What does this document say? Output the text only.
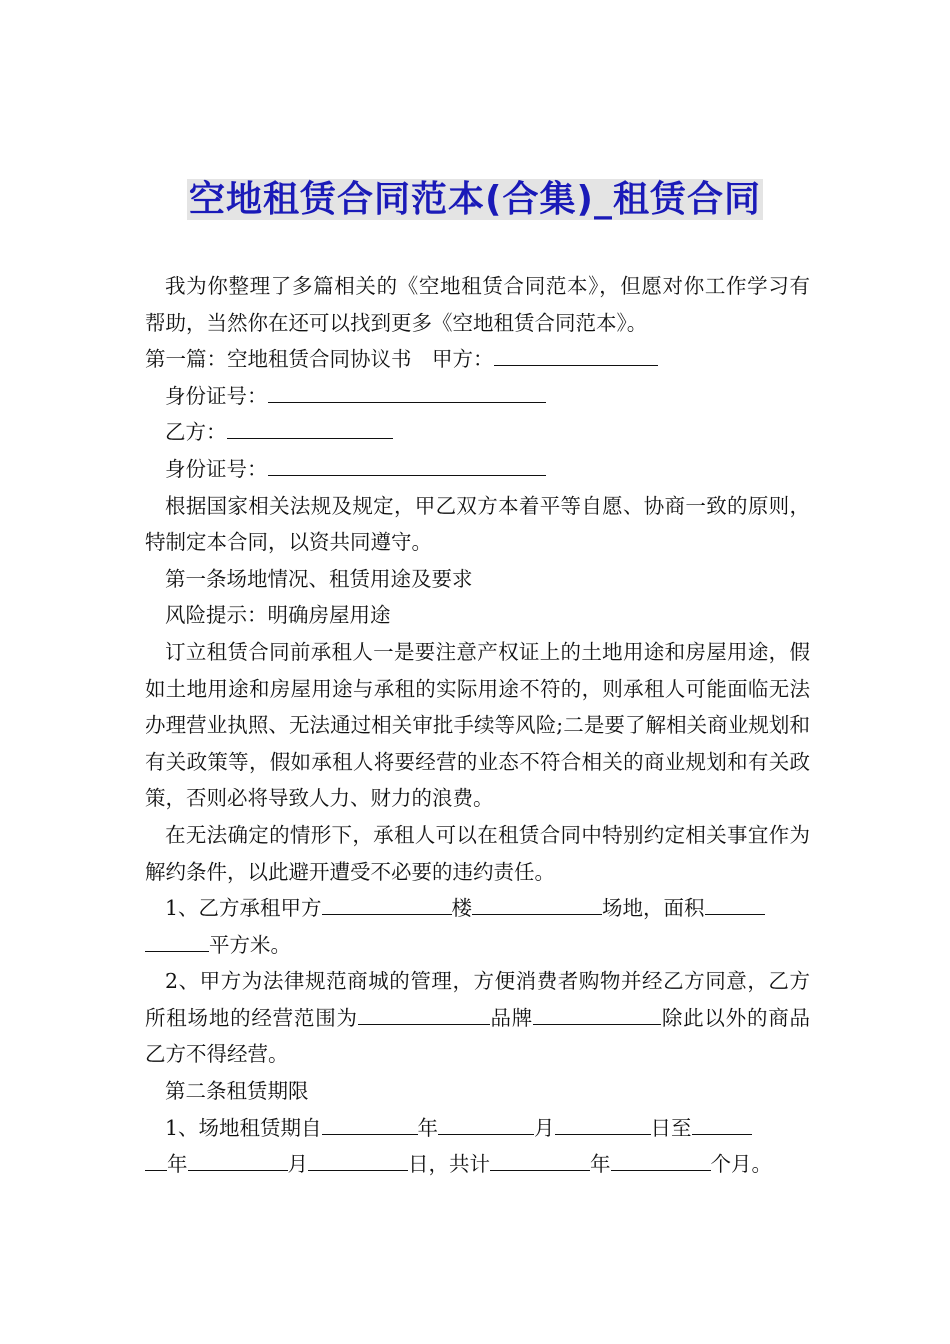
空地租赁合同范本(合集)_租赁合同

我为你整理了多篇相关的《空地租赁合同范本》，但愿对你工作学习有帮助，当然你在还可以找到更多《空地租赁合同范本》。

第一篇：空地租赁合同协议书　甲方：

身份证号：

乙方：

身份证号：

根据国家相关法规及规定，甲乙双方本着平等自愿、协商一致的原则，特制定本合同，以资共同遵守。

第一条场地情况、租赁用途及要求

风险提示：明确房屋用途

订立租赁合同前承租人一是要注意产权证上的土地用途和房屋用途，假如土地用途和房屋用途与承租的实际用途不符的，则承租人可能面临无法办理营业执照、无法通过相关审批手续等风险;二是要了解相关商业规划和有关政策等，假如承租人将要经营的业态不符合相关的商业规划和有关政策，否则必将导致人力、财力的浪费。

在无法确定的情形下，承租人可以在租赁合同中特别约定相关事宜作为解约条件，以此避开遭受不必要的违约责任。

1、乙方承租甲方	楼	场地，面积
平方米。

2、甲方为法律规范商城的管理，方便消费者购物并经乙方同意，乙方所租场地的经营范围为	品牌	除此以外的商品乙方不得经营。

第二条租赁期限

1、场地租赁期自	年	月	日至
年	月	日，共计	年	个月。
